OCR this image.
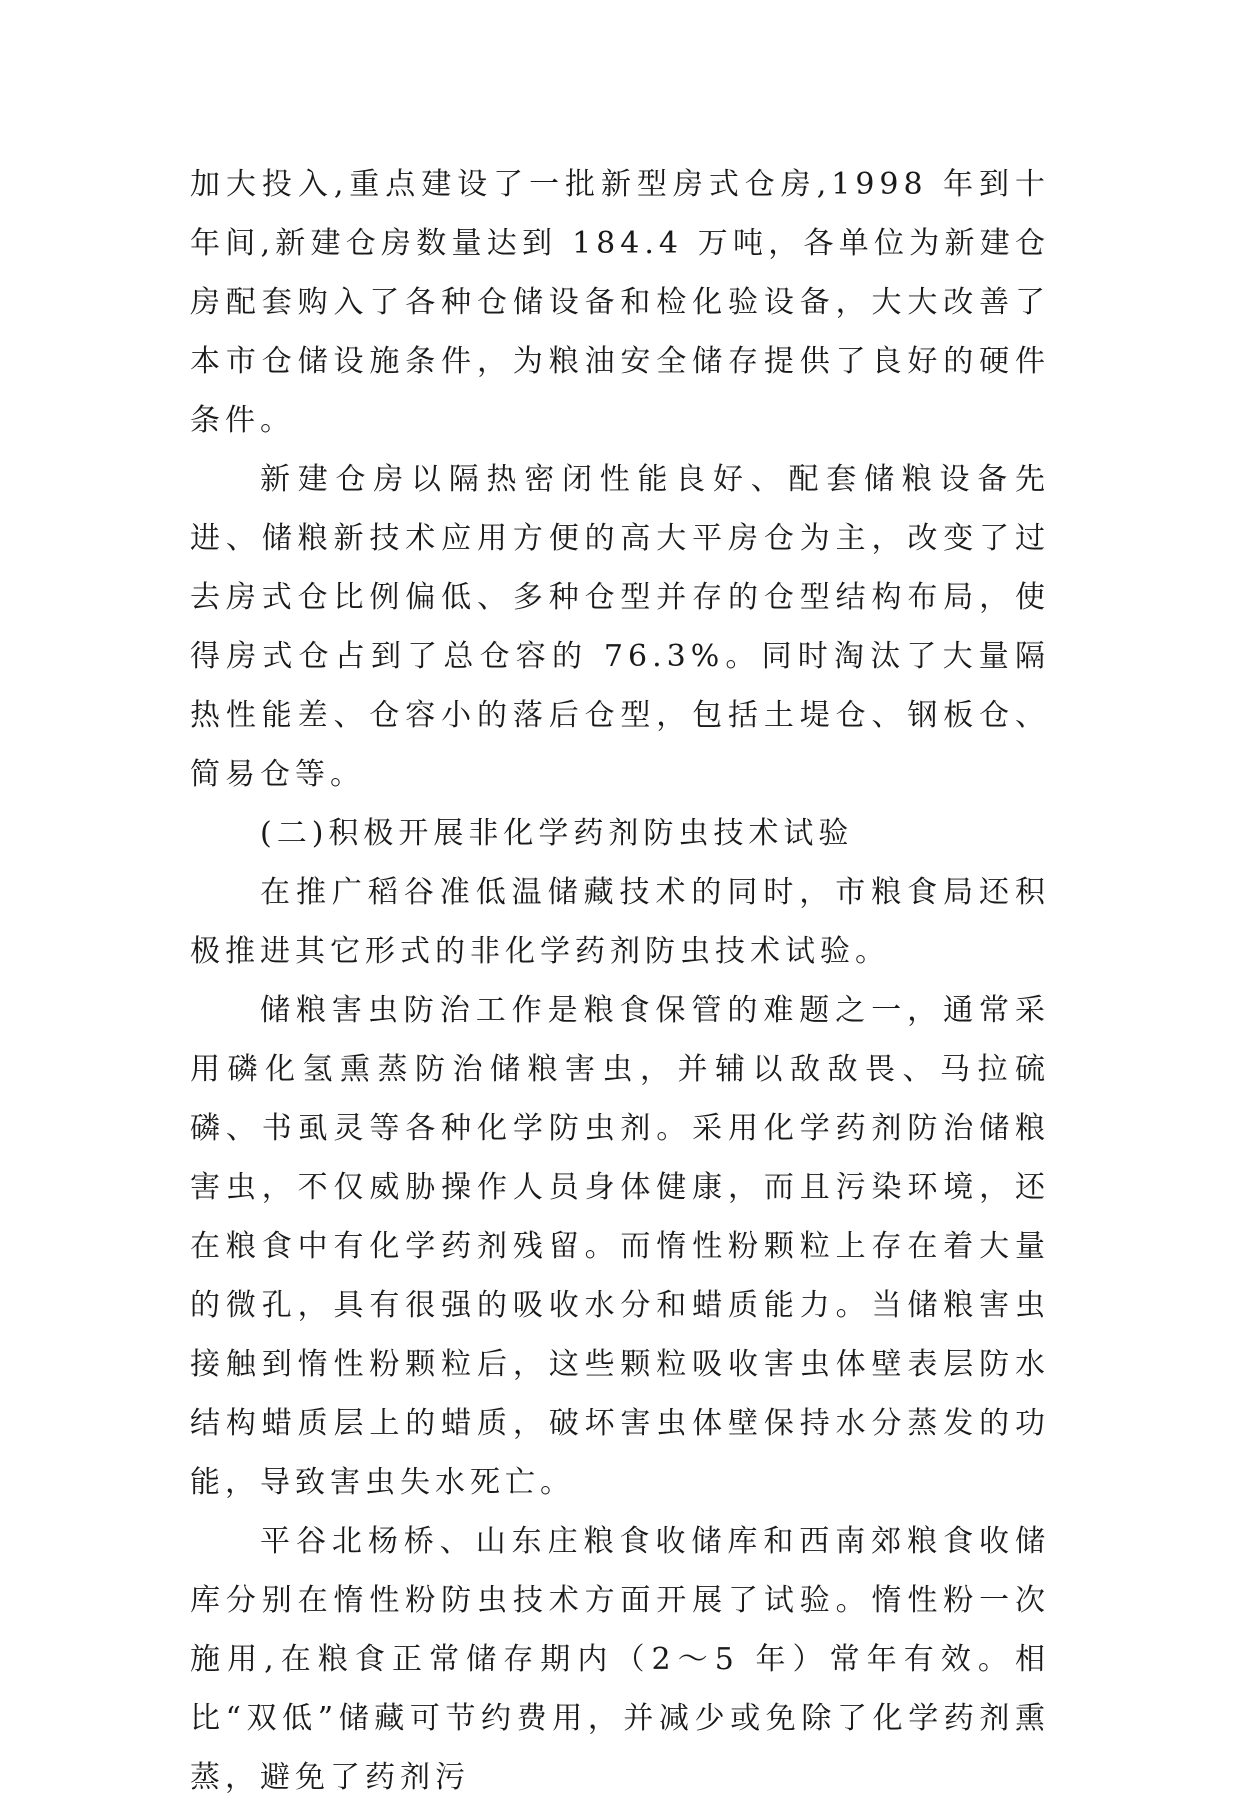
加大投入,重点建设了一批新型房式仓房,1998 年到十年间,新建仓房数量达到 184.4 万吨，各单位为新建仓房配套购入了各种仓储设备和检化验设备，大大改善了本市仓储设施条件，为粮油安全储存提供了良好的硬件条件。

新建仓房以隔热密闭性能良好、配套储粮设备先进、储粮新技术应用方便的高大平房仓为主，改变了过去房式仓比例偏低、多种仓型并存的仓型结构布局，使得房式仓占到了总仓容的 76.3%。同时淘汰了大量隔热性能差、仓容小的落后仓型，包括土堤仓、钢板仓、简易仓等。

(二)积极开展非化学药剂防虫技术试验

在推广稻谷准低温储藏技术的同时，市粮食局还积极推进其它形式的非化学药剂防虫技术试验。

储粮害虫防治工作是粮食保管的难题之一，通常采用磷化氢熏蒸防治储粮害虫，并辅以敌敌畏、马拉硫磷、书虱灵等各种化学防虫剂。采用化学药剂防治储粮害虫，不仅威胁操作人员身体健康，而且污染环境，还在粮食中有化学药剂残留。而惰性粉颗粒上存在着大量的微孔，具有很强的吸收水分和蜡质能力。当储粮害虫接触到惰性粉颗粒后，这些颗粒吸收害虫体壁表层防水结构蜡质层上的蜡质，破坏害虫体壁保持水分蒸发的功能，导致害虫失水死亡。

平谷北杨桥、山东庄粮食收储库和西南郊粮食收储库分别在惰性粉防虫技术方面开展了试验。惰性粉一次施用,在粮食正常储存期内（2～5 年）常年有效。相比“双低”储藏可节约费用，并减少或免除了化学药剂熏蒸，避免了药剂污
